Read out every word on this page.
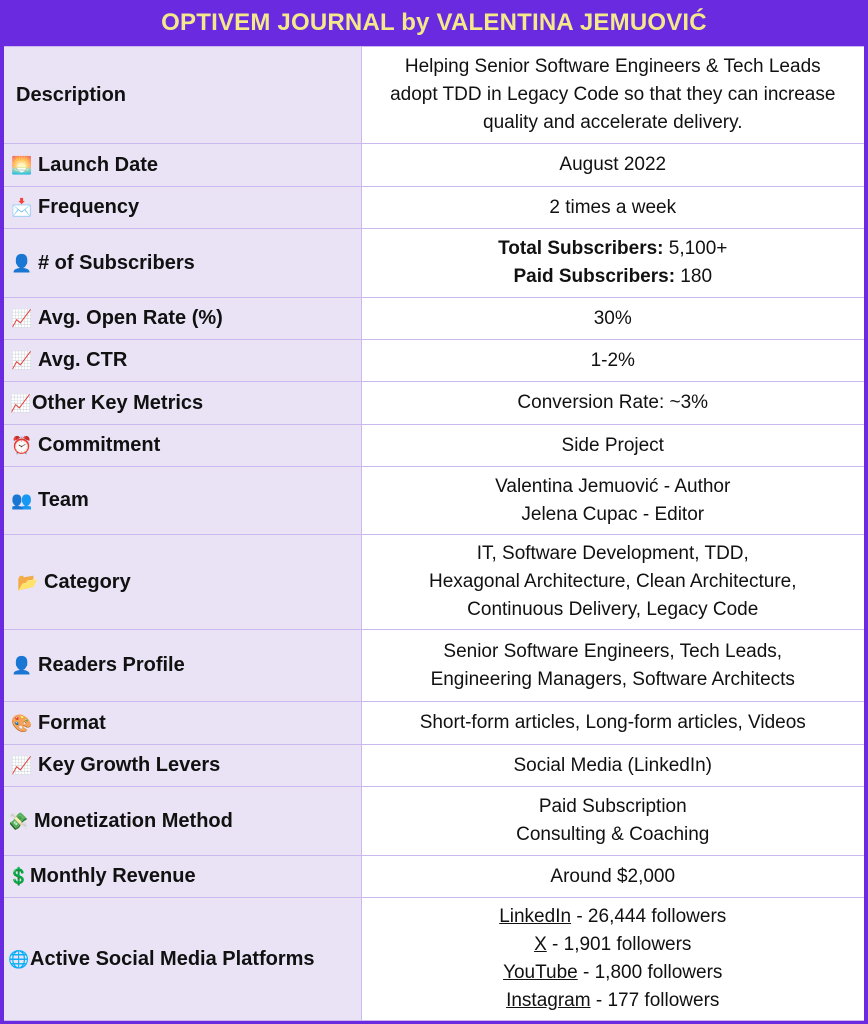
OPTIVEM JOURNAL by VALENTINA JEMUOVIĆ
Description	Helping Senior Software Engineers & Tech Leads
adopt TDD in Legacy Code so that they can increase
quality and accelerate delivery.

🌅 Launch Date	August 2022
📩 Frequency	2 times a week
👤 # of Subscribers	Total Subscribers: 5,100+
Paid Subscribers: 180

📈 Avg. Open Rate (%)	30%
📈 Avg. CTR	1-2%
📈Other Key Metrics	Conversion Rate: ~3%
⏰ Commitment	Side Project
👥 Team	Valentina Jemuović - Author
Jelena Cupac - Editor

📂 Category	IT, Software Development, TDD,
Hexagonal Architecture, Clean Architecture,
Continuous Delivery, Legacy Code

👤 Readers Profile	Senior Software Engineers, Tech Leads,
Engineering Managers, Software Architects

🎨 Format	Short-form articles, Long-form articles, Videos
📈 Key Growth Levers	Social Media (LinkedIn)
💸 Monetization Method	Paid Subscription
Consulting & Coaching

💲Monthly Revenue	Around $2,000
🌐Active Social Media Platforms	LinkedIn - 26,444 followers
X - 1,901 followers
YouTube - 1,800 followers
Instagram - 177 followers
